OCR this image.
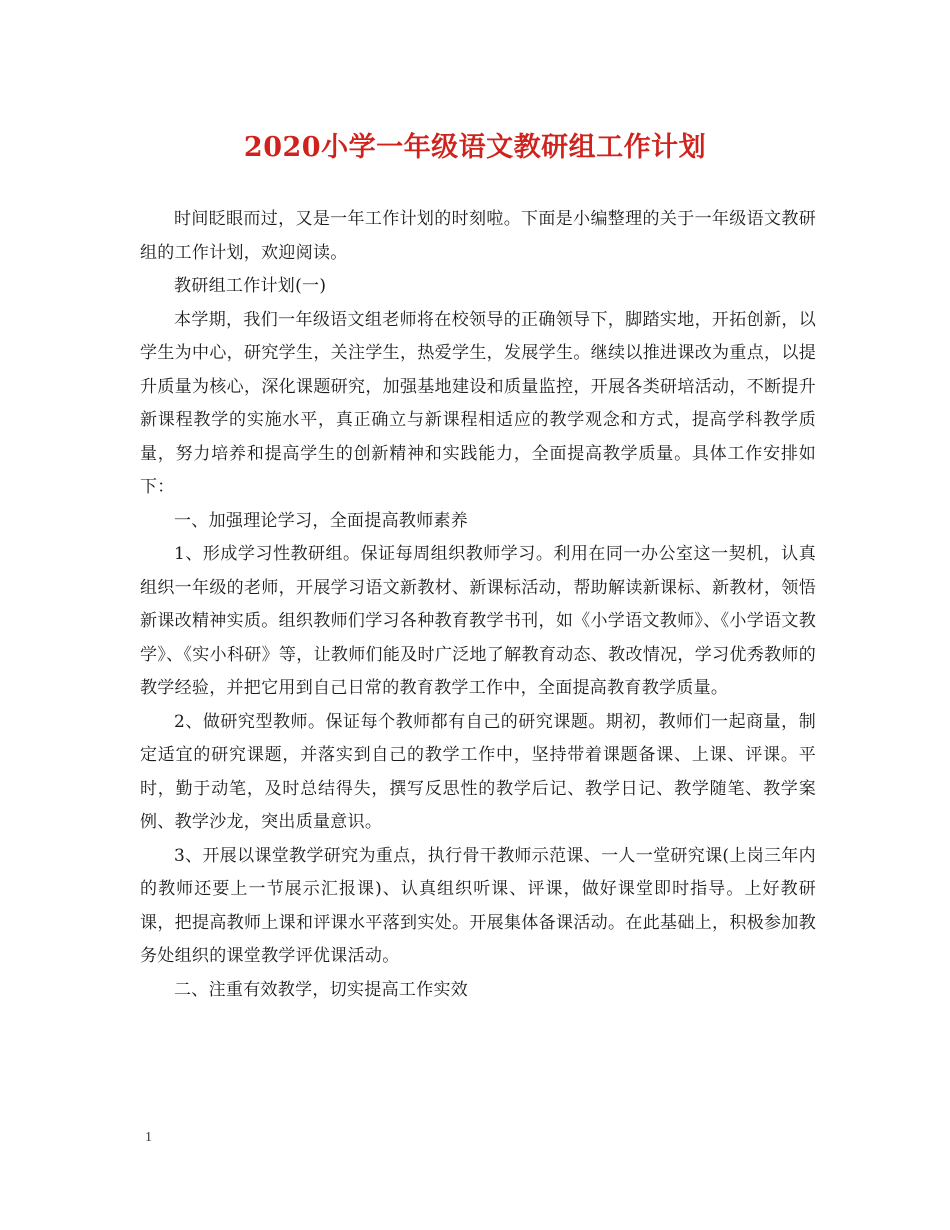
2020小学一年级语文教研组工作计划

时间眨眼而过，又是一年工作计划的时刻啦。下面是小编整理的关于一年级语文教研组的工作计划，欢迎阅读。

教研组工作计划(一)

本学期，我们一年级语文组老师将在校领导的正确领导下，脚踏实地，开拓创新，以学生为中心，研究学生，关注学生，热爱学生，发展学生。继续以推进课改为重点，以提升质量为核心，深化课题研究，加强基地建设和质量监控，开展各类研培活动，不断提升新课程教学的实施水平，真正确立与新课程相适应的教学观念和方式，提高学科教学质量，努力培养和提高学生的创新精神和实践能力，全面提高教学质量。具体工作安排如下：

一、加强理论学习，全面提高教师素养

1、形成学习性教研组。保证每周组织教师学习。利用在同一办公室这一契机，认真组织一年级的老师，开展学习语文新教材、新课标活动，帮助解读新课标、新教材，领悟新课改精神实质。组织教师们学习各种教育教学书刊，如《小学语文教师》、《小学语文教学》、《实小科研》等，让教师们能及时广泛地了解教育动态、教改情况，学习优秀教师的教学经验，并把它用到自己日常的教育教学工作中，全面提高教育教学质量。

2、做研究型教师。保证每个教师都有自己的研究课题。期初，教师们一起商量，制定适宜的研究课题，并落实到自己的教学工作中，坚持带着课题备课、上课、评课。平时，勤于动笔，及时总结得失，撰写反思性的教学后记、教学日记、教学随笔、教学案例、教学沙龙，突出质量意识。

3、开展以课堂教学研究为重点，执行骨干教师示范课、一人一堂研究课(上岗三年内的教师还要上一节展示汇报课)、认真组织听课、评课，做好课堂即时指导。上好教研课，把提高教师上课和评课水平落到实处。开展集体备课活动。在此基础上，积极参加教务处组织的课堂教学评优课活动。

二、注重有效教学，切实提高工作实效

1
